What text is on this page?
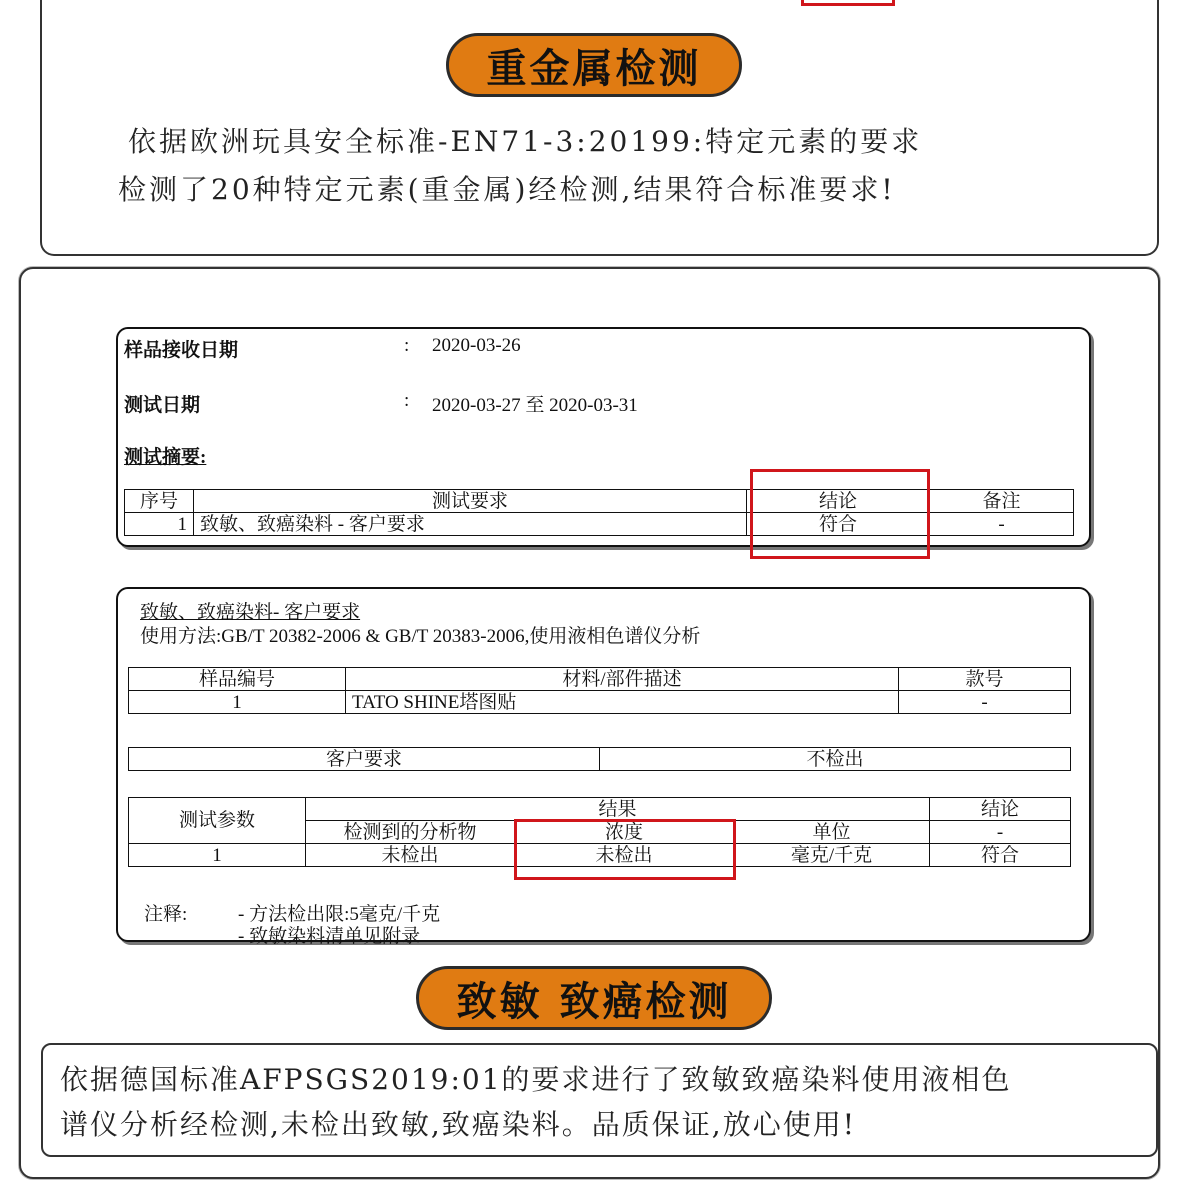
重金属检测
依据欧洲玩具安全标准-EN71-3:20199:特定元素的要求
检测了20种特定元素(重金属)经检测,结果符合标准要求!
样品接收日期	: 2020-03-26
测试日期	: 2020-03-27 至 2020-03-31
测试摘要:
序号	测试要求	结论	备注
1	致敏、致癌染料 - 客户要求	符合	-
致敏、致癌染料- 客户要求
使用方法:GB/T 20382-2006 & GB/T 20383-2006,使用液相色谱仪分析
样品编号	材料/部件描述	款号
1	TATO SHINE塔图贴	-
客户要求	不检出
测试参数	结果			结论
	检测到的分析物	浓度	单位	-
1	未检出	未检出	毫克/千克	符合
注释:	- 方法检出限:5毫克/千克
- 致敏染料清单见附录
致敏 致癌检测
依据德国标准AFPSGS2019:01的要求进行了致敏致癌染料使用液相色
谱仪分析经检测,未检出致敏,致癌染料。品质保证,放心使用!
